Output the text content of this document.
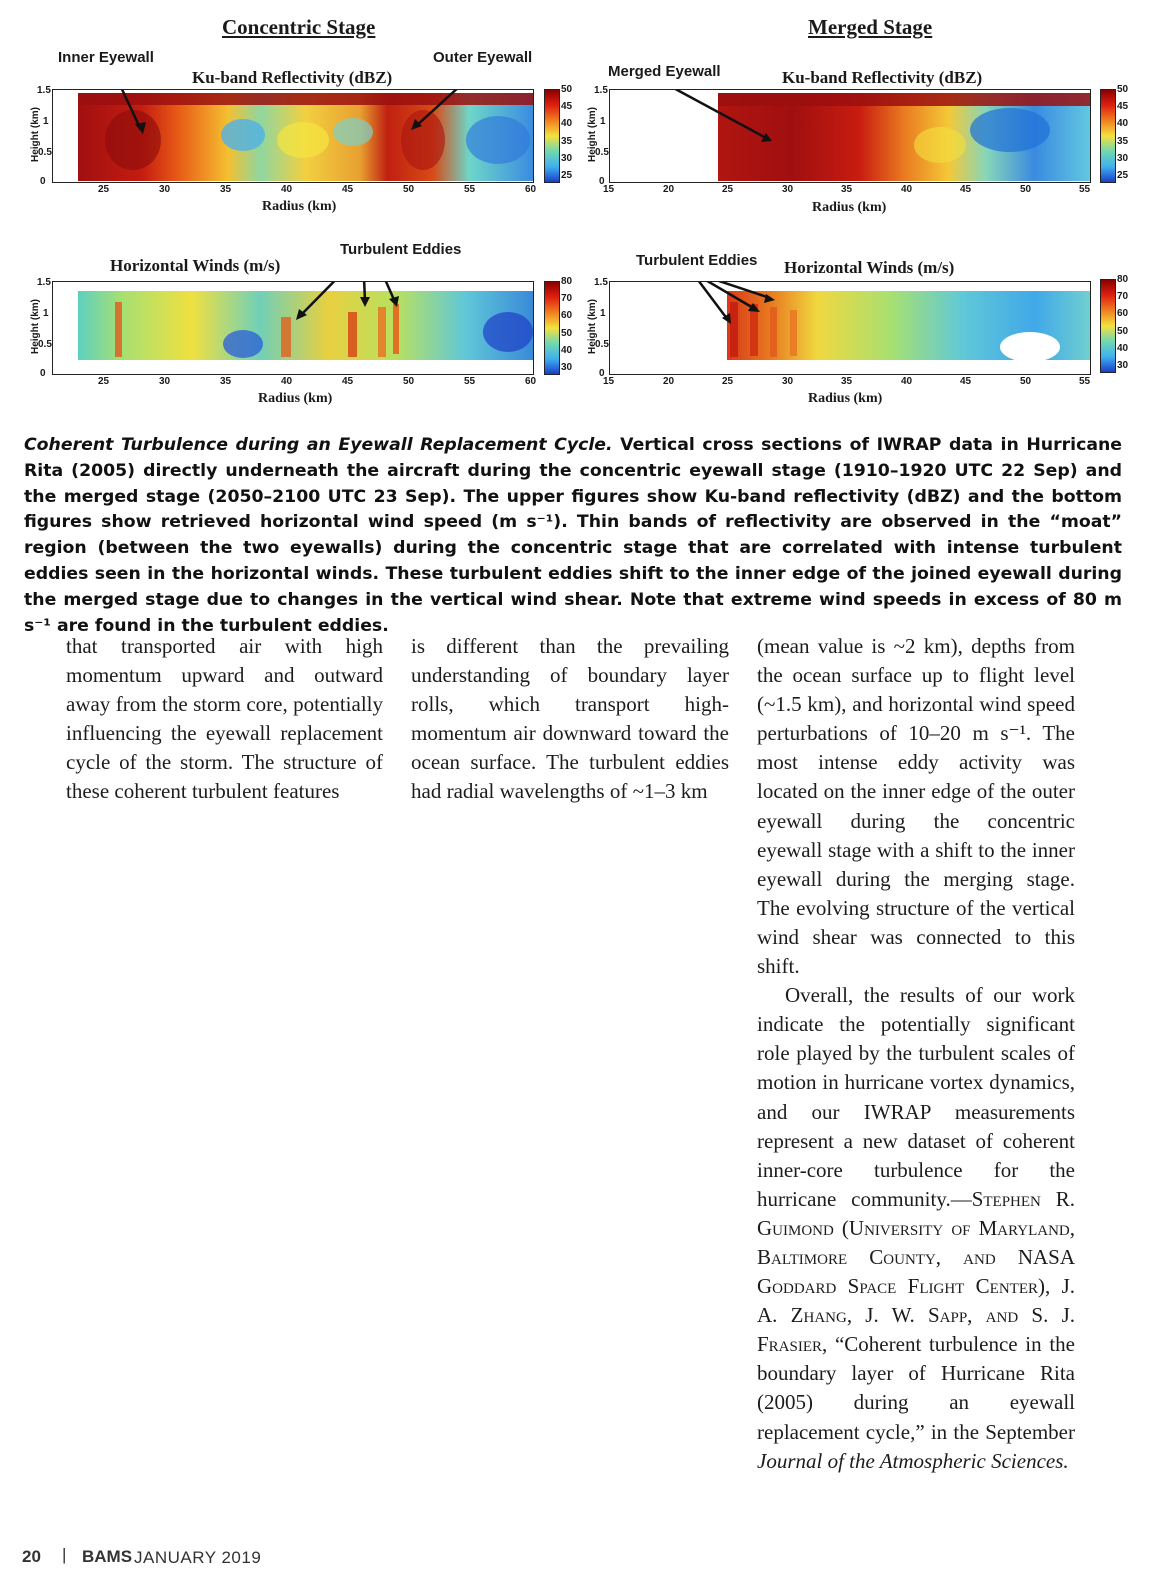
Concentric Stage	Merged Stage
Inner Eyewall	Outer Eyewall
Ku-band Reflectivity (dBZ)
Height (km)
0
0.5
1
1.5
25	30	35	40	45	50	55	60
Radius (km)
50
45
40
35
30
25
Merged Eyewall	Ku-band Reflectivity (dBZ)
Height (km)
0
0.5
1
1.5
15	20	25	30	35	40	45	50	55
Radius (km)
50
45
40
35
30
25
Turbulent Eddies
Horizontal Winds (m/s)
Height (km)
0
0.5
1
1.5
25	30	35	40	45	50	55	60
Radius (km)
80
70
60
50
40
30
Turbulent Eddies Horizontal Winds (m/s)
Height (km)
0
0.5
1
1.5
15	20	25	30	35	40	45	50	55
Radius (km)
80
70
60
50
40
30
Coherent Turbulence during an Eyewall Replacement Cycle. Vertical cross sections of IWRAP data in Hurricane Rita (2005) directly underneath the aircraft during the concentric eyewall stage (1910–1920 UTC 22 Sep) and the merged stage (2050–2100 UTC 23 Sep). The upper figures show Ku-band reflectivity (dBZ) and the bottom figures show retrieved horizontal wind speed (m s⁻¹). Thin bands of reflectivity are observed in the “moat” region (between the two eyewalls) during the concentric stage that are correlated with intense turbulent eddies seen in the horizontal winds. These turbulent eddies shift to the inner edge of the joined eyewall during the merged stage due to changes in the vertical wind shear. Note that extreme wind speeds in excess of 80 m s⁻¹ are found in the turbulent eddies.

that transported air with high momentum upward and outward away from the storm core, potentially influencing the eyewall replacement cycle of the storm. The structure of these coherent turbulent features

is different than the prevailing understanding of boundary layer rolls, which transport high-momentum air downward toward the ocean surface. The turbulent eddies had radial wavelengths of ~1–3 km

(mean value is ~2 km), depths from the ocean surface up to flight level (~1.5 km), and horizontal wind speed perturbations of 10–20 m s⁻¹. The most intense eddy activity was located on the inner edge of the outer eyewall during the concentric eyewall stage with a shift to the inner eyewall during the merging stage. The evolving structure of the vertical wind shear was connected to this shift.

Overall, the results of our work indicate the potentially significant role played by the turbulent scales of motion in hurricane vortex dynamics, and our IWRAP measurements represent a new dataset of coherent inner-core turbulence for the hurricane community.—Stephen R. Guimond (University of Maryland, Baltimore County, and NASA Goddard Space Flight Center), J. A. Zhang, J. W. Sapp, and S. J. Frasier, “Coherent turbulence in the boundary layer of Hurricane Rita (2005) during an eyewall replacement cycle,” in the September Journal of the Atmospheric Sciences.

20 | BAMS JANUARY 2019
